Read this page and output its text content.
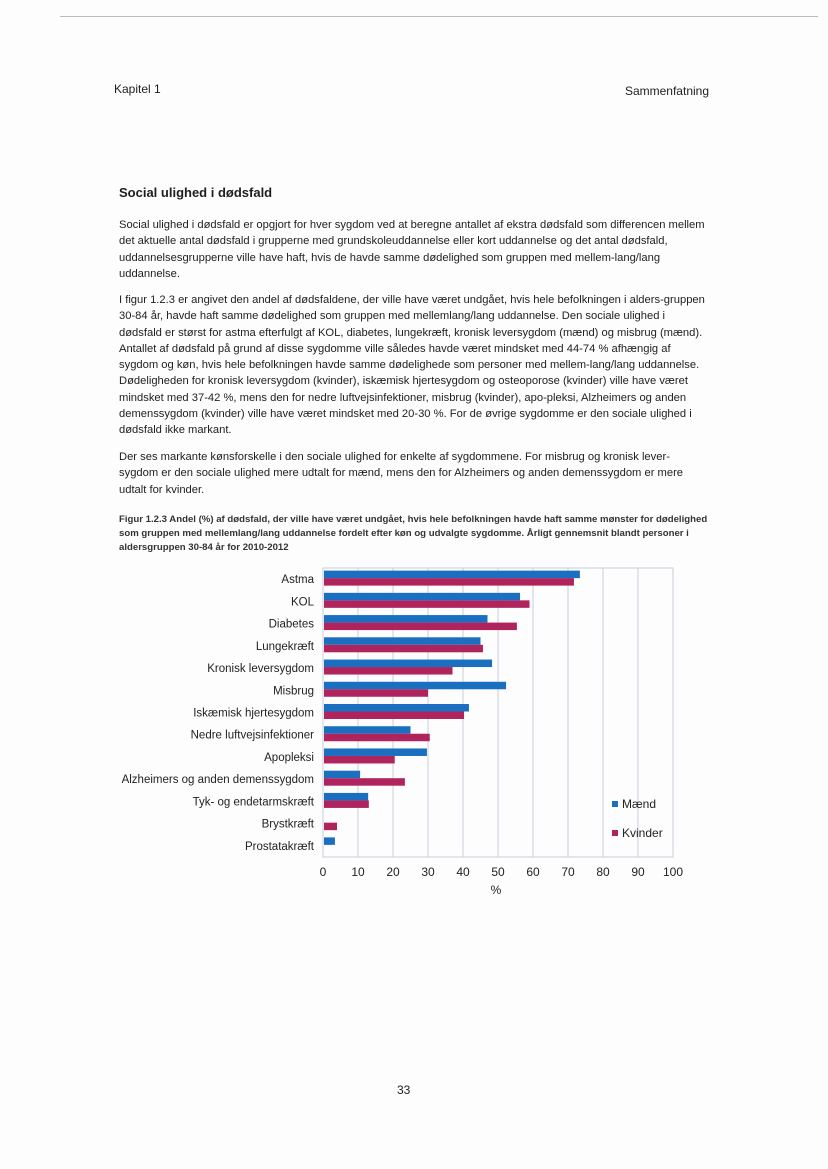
Kapitel 1	Sammenfatning
Social ulighed i dødsfald
Social ulighed i dødsfald er opgjort for hver sygdom ved at beregne antallet af ekstra dødsfald som differencen mellem det aktuelle antal dødsfald i grupperne med grundskoleuddannelse eller kort uddannelse og det antal dødsfald, uddannelsesgrupperne ville have haft, hvis de havde samme dødelighed som gruppen med mellem-lang/lang uddannelse.
I figur 1.2.3 er angivet den andel af dødsfaldene, der ville have været undgået, hvis hele befolkningen i alders-gruppen 30-84 år, havde haft samme dødelighed som gruppen med mellemlang/lang uddannelse. Den sociale ulighed i dødsfald er størst for astma efterfulgt af KOL, diabetes, lungekræft, kronisk leversygdom (mænd) og misbrug (mænd). Antallet af dødsfald på grund af disse sygdomme ville således havde været mindsket med 44-74 % afhængig af sygdom og køn, hvis hele befolkningen havde samme dødelighede som personer med mellem-lang/lang uddannelse. Dødeligheden for kronisk leversygdom (kvinder), iskæmisk hjertesygdom og osteoporose (kvinder) ville have været mindsket med 37-42 %, mens den for nedre luftvejsinfektioner, misbrug (kvinder), apo-pleksi, Alzheimers og anden demenssygdom (kvinder) ville have været mindsket med 20-30 %. For de øvrige sygdomme er den sociale ulighed i dødsfald ikke markant.
Der ses markante kønsforskelle i den sociale ulighed for enkelte af sygdommene. For misbrug og kronisk lever-sygdom er den sociale ulighed mere udtalt for mænd, mens den for Alzheimers og anden demenssygdom er mere udtalt for kvinder.
Figur 1.2.3 Andel (%) af dødsfald, der ville have været undgået, hvis hele befolkningen havde haft samme mønster for dødelighed som gruppen med mellemlang/lang uddannelse fordelt efter køn og udvalgte sygdomme. Årligt gennemsnit blandt personer i aldersgruppen 30-84 år for 2010-2012
0 10 20 30 40 50 60 70 80 90 100
%
Astma
KOL
Diabetes
Lungekræft
Kronisk leversygdom
Misbrug
Iskæmisk hjertesygdom
Nedre luftvejsinfektioner
Apopleksi
Alzheimers og anden demenssygdom
Tyk- og endetarmskræft
Brystkræft
Prostatakræft
Mænd
Kvinder
33
